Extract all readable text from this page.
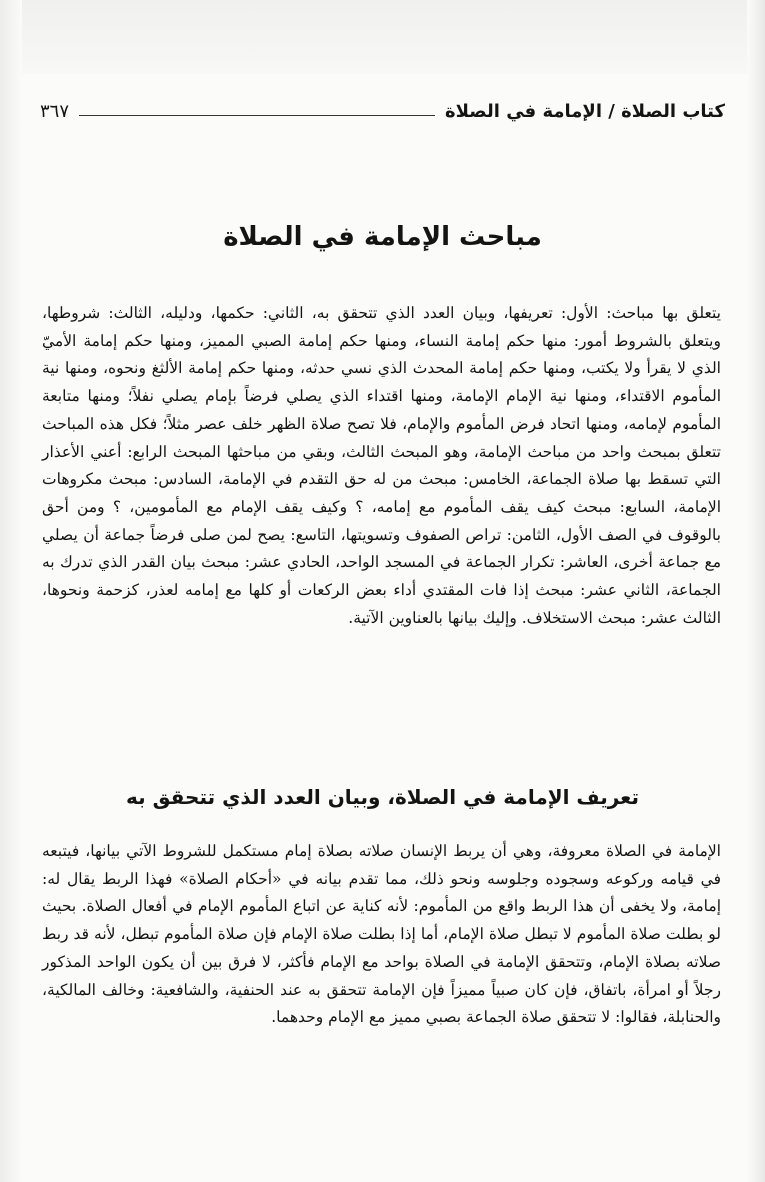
كتاب الصلاة / الإمامة في الصلاة
٣٦٧
مباحث الإمامة في الصلاة

يتعلق بها مباحث: الأول: تعريفها، وبيان العدد الذي تتحقق به، الثاني: حكمها، ودليله، الثالث: شروطها، ويتعلق بالشروط أمور: منها حكم إمامة النساء، ومنها حكم إمامة الصبي المميز، ومنها حكم إمامة الأميّ الذي لا يقرأ ولا يكتب، ومنها حكم إمامة المحدث الذي نسي حدثه، ومنها حكم إمامة الألثغ ونحوه، ومنها نية المأموم الاقتداء، ومنها نية الإمام الإمامة، ومنها اقتداء الذي يصلي فرضاً بإمام يصلي نفلاً؛ ومنها متابعة المأموم لإمامه، ومنها اتحاد فرض المأموم والإمام، فلا تصح صلاة الظهر خلف عصر مثلاً؛ فكل هذه المباحث تتعلق بمبحث واحد من مباحث الإمامة، وهو المبحث الثالث، وبقي من مباحثها المبحث الرابع: أعني الأعذار التي تسقط بها صلاة الجماعة، الخامس: مبحث من له حق التقدم في الإمامة، السادس: مبحث مكروهات الإمامة، السابع: مبحث كيف يقف المأموم مع إمامه، ؟ وكيف يقف الإمام مع المأمومين، ؟ ومن أحق بالوقوف في الصف الأول، الثامن: تراص الصفوف وتسويتها، التاسع: يصح لمن صلى فرضاً جماعة أن يصلي مع جماعة أخرى، العاشر: تكرار الجماعة في المسجد الواحد، الحادي عشر: مبحث بيان القدر الذي تدرك به الجماعة، الثاني عشر: مبحث إذا فات المقتدي أداء بعض الركعات أو كلها مع إمامه لعذر، كزحمة ونحوها، الثالث عشر: مبحث الاستخلاف. وإليك بيانها بالعناوين الآتية.

تعريف الإمامة في الصلاة، وبيان العدد الذي تتحقق به

الإمامة في الصلاة معروفة، وهي أن يربط الإنسان صلاته بصلاة إمام مستكمل للشروط الآتي بيانها، فيتبعه في قيامه وركوعه وسجوده وجلوسه ونحو ذلك، مما تقدم بيانه في «أحكام الصلاة» فهذا الربط يقال له: إمامة، ولا يخفى أن هذا الربط واقع من المأموم: لأنه كناية عن اتباع المأموم الإمام في أفعال الصلاة. بحيث لو بطلت صلاة المأموم لا تبطل صلاة الإمام، أما إذا بطلت صلاة الإمام فإن صلاة المأموم تبطل، لأنه قد ربط صلاته بصلاة الإمام، وتتحقق الإمامة في الصلاة بواحد مع الإمام فأكثر، لا فرق بين أن يكون الواحد المذكور رجلاً أو امرأة، باتفاق، فإن كان صبياً مميزاً فإن الإمامة تتحقق به عند الحنفية، والشافعية: وخالف المالكية، والحنابلة، فقالوا: لا تتحقق صلاة الجماعة بصبي مميز مع الإمام وحدهما.
